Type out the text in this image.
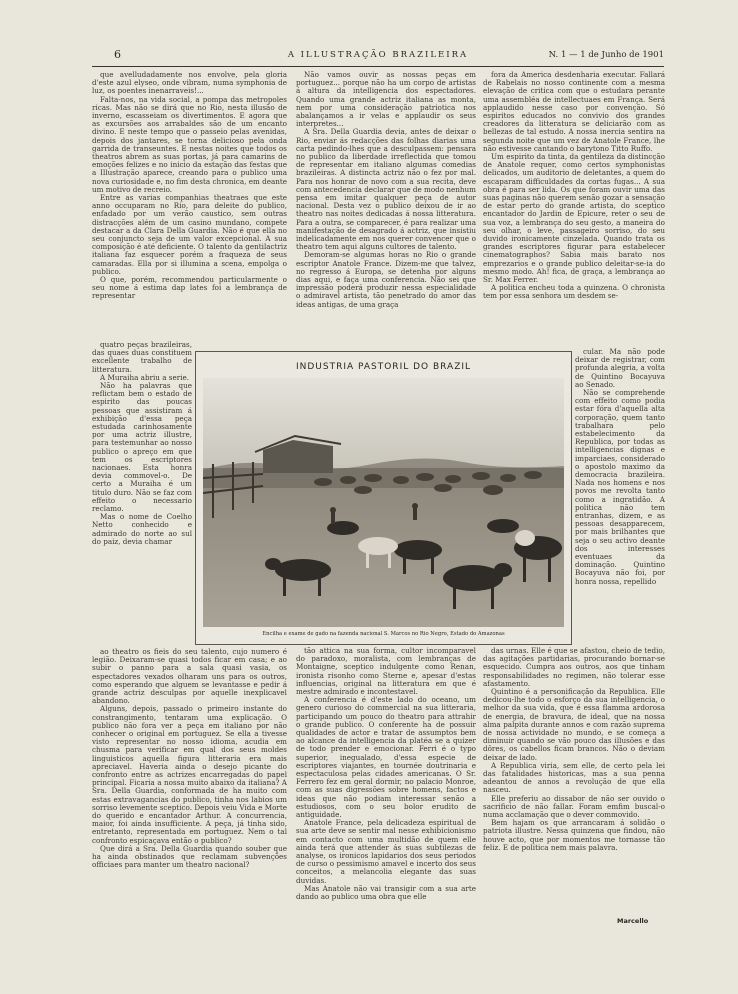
6	A ILLUSTRAÇÃO BRAZILEIRA	N. 1 — 1 de Junho de 1901

que avelludadamente nos envolve, pela gloria d'este azul elyseo, onde vibram, numa symphonia de luz, os poentes inenarraveis!...

Falta-nos, na vida social, a pompa das metropoles ricas. Mas não se dirá que no Rio, nesta illusão de inverno, escasseiam os divertimentos. E agora que as excursões aos arrabaldes são de um encanto divino. E neste tempo que o passeio pelas avenidas, depois dos jantares, se torna delicioso pela onda garrida de transeuntes. E nestas noites que todos os theatros abrem as suas portas, já para camarins de emoções felizes e no inicio da estação das festas que a Illustração aparece, creando para o publico uma nova curiosidade e, no fim desta chronica, em deante um motivo de recreio.

Entre as varias companhias theatraes que este anno occuparam no Rio, para deleite do publico, enfadado por um verão caustico, sem outras distracções além de um casino mundano, compete destacar a da Clara Della Guardia. Não é que ella no seu conjuncto seja de um valor excepcional. A sua composição é até deficiente. O talento da gentilactriz italiana faz esquecer porém a fraqueza de seus camaradas. Ella por si illumina a scena, empolga o publico.

O que, porém, recommendou particularmente o seu nome á estima dap lates foi a lembrança de representar

quatro peças brazileiras, das quaes duas constituem excellente trabalho de litteratura.

A Muraiha abriu a serie.

Não ha palavras que reflictam bem o estado de espirito das poucas pessoas que assistiram á exhibição d'essa peça estudada carinhosamente por uma actriz illustre, para testemunhar ao nosso publico o apreço em que tem os escriptores nacionaes. Esta honra devia commovel-o. De certo a Muraiha é um titulo duro. Não se faz com effeito o necessario reclamo.

Mas o nome de Coelho Netto conhecido e admirado do norte ao sul do paiz, devia chamar

ao theatro os fieis do seu talento, cujo numero é legião. Deixaram-se quasi todos ficar em casa; e ao subir o panno para a sala quasi vasia, os espectadores vexados olharam uns para os outros, como esperando que alguem se levantasse e pedir á grande actriz desculpas por aquelle inexplicavel abandono.

Alguns, depois, passado o primeiro instante do constrangimento, tentaram uma explicação. O publico não fora ver a peça em italiano por não conhecer o original em portuguez. Se ella a tivesse visto representar no nosso idioma, acudia em chusma para verificar em qual dos seus moldes linguisticos aquella figura litteraria era mais apreciavel. Haveria ainda o desejo picante do confronto entre as actrizes encarregadas do papel principal. Ficaria a nossa muito abaixo da italiana? A Sra. Della Guardia, conformada de ha muito com estas extravagancias do publico, tinha nos labios um sorriso levemente sceptico. Depois veiu Vida e Morte do querido e encantador Arthur. A concurrencia, maior, foi ainda insufficiente. A peça, já tinha sido, entretanto, representada em portuguez. Nem o tal confronto espicaçava então o publico?

Que dirá a Sra. Della Guardia quando souber que ha ainda obstinados que reclamam subvenções officiaes para manter um theatro nacional?

Não vamos ouvir as nossas peças em portuguez... porque não ha um corpo de artistas á altura da intelligencia dos espectadores. Quando uma grande actriz italiana as monta, nem por uma consideração patriotica nos abalançamos a ir velas e applaudir os seus interpretes...

A Sra. Della Guardia devia, antes de deixar o Rio, enviar ás redacções das folhas diarias uma carta pedindo-lhes que a desculpassem: pensara no publico da liberdade irreflectida que tomou de representar em italiano algumas comedias brazileiras. A distincta actriz não o fez por mal. Para nos honrar de novo com a sua recita, deve com antecedencia declarar que de modo nenhum pensa em imitar qualquer peça de autor nacional. Desta vez o publico deixou de ir ao theatro nas noites dedicadas á nossa litteratura. Para a outra, se comparecer, é para realizar uma manifestação de desagrado á actriz, que insistiu indelicadamente em nos querer convencer que o theatro tem aqui alguns cultores de talento.

Demoram-se algumas horas no Rio o grande escriptor Anatole France. Dizem-me que talvez, no regresso á Europa, se detenha por alguns dias aqui, e faça uma conferencia. Não sei que impressão poderá produzir nessa especialidade o admiravel artista, tão penetrado do amor das ideas antigas, de uma graça

tão attica na sua forma, cultor incomparavel do paradoxo, moralista, com lembranças de Montaigne, sceptico indulgente como Renan, ironista risonho como Sterne e, apesar d'estas influencias, original na litteratura em que é mestre admirado e incontestavel.

A conferencia é d'este lado do oceano, um genero curioso do commercial na sua litteraria, participando um pouco do theatro para attrahir o grande publico. O conferente ha de possuir qualidades de actor e tratar de assumptos bem ao alcance da intelligencia da platéa se a quizer de todo prender e emocionar. Ferri é o typo superior, inegualado, d'essa especie de escriptores viajantes, en tournée doutrinaria e espectaculosa pelas cidades americanas. O Sr. Ferrero fez em geral dormir, no palacio Monroe, com as suas digressões sobre homens, factos e ideas que não podiam interessar senão a estudiosos, com o seu bolor erudito de antiguidade.

Anatole France, pela delicadeza espiritual de sua arte deve se sentir mal nesse exhibicionismo em contacto com uma multidão de quem elle ainda terá que attender ás suas subtilezas de analyse, os ironicos lapidarios dos seus periodos de curso o pessimismo amavel e incerto dos seus conceitos, a melancolia elegante das suas duvidas.

Mas Anatole não vai transigir com a sua arte dando ao publico uma obra que elle

fora da America desdenharia executar. Fallará de Rabelais no nosso continente com a mesma elevação de critica com que o estudara perante uma assembléa de intellectuaes em França. Será applaudido nesse caso por convenção. Só espiritos educados no convivio dos grandes creadores da litteratura se deliciarão com as bellezas de tal estudo. A nossa inercia sentira na segunda noite que um vez de Anatole France, lhe não estivesse cantando o barytono Titto Ruffo.

Um espirito da tinta, da gentileza da distincção de Anatole requer, como certos symphonistas delicados, um auditorio de deletantes, a quem do escaparam difficuldades da cortas fugas... A sua obra é para ser lida. Os que foram ouvir uma das suas paginas não querem senão gozar a sensação de estar perto do grande artista, do sceptico encantador do Jardin de Epicure, reter o seu de sua voz, a lembrança do seu gesto, a maneira do seu olhar, o leve, passageiro sorriso, do seu duvido ironicamente cinzelada. Quando trata os grandes escriptores figurar para estabelecer cinematographos? Sabia mais barato nos emprezarios e o grande publico deleitar-se-ia do mesmo modo. Ah! fica, de graça, a lembrança ao Sr. Max Ferrer.

A politica encheu toda a quinzena. O chronista tem por essa senhora um desdem se-

cular. Ma não pode deixar de registrar, com profunda alegria, a volta de Quintino Bocayuva ao Senado.

Não se comprehende com effeito como podia estar fóra d'aquella alta corporação, quem tanto trabalhara pelo estabelecimento da Republica, por todas as intelligencias dignas e imparciaes, considerado o apostolo maximo da democracia brazileira. Nada nos homens e nos povos me revolta tanto como a ingratidão. A politica não tem entranhas, dizem, e as pessoas desapparecem, por mais brilhantes que seja o seu activo deante dos interesses eventuaes da dominação. Quintino Bocayuva não foi, por honra nossa, repellido

das urnas. Elle é que se afastou, cheio de tedio, das agitações partidarias, procurando bornar-se esquecido. Cumpra aos outros, aos que tinham responsabilidades no regimen, não tolerar esse afastamento.

Quintino é a personificação da Republica. Elle dedicou-lhe todo o esforço da sua intelligencia, o melhor da sua vida, que é essa flamma ardorosa de energia, de bravura, de ideal, que na nossa alma palpita durante annos e com razão suprema de nossa actividade no mundo, e se começa a diminuir quando se vão pouco das illusões e das dôres, os cabellos ficam brancos. Não o deviam deixar de lado.

A Republica viria, sem elle, de certo pela lei das fatalidades historicas, mas a sua penna adeantou de annos a revolução de que ella nasceu.

Elle preferiu ao dissabor de não ser ouvido o sacrificio de não fallar. Foram emfim buscal-o numa acclamação que o dever commovido.

Bem hajam os que arrancaram á solidão o patriota illustre. Nessa quinzena que findou, não houve acto, que por momentos me tornasse tão feliz. E de politica nem mais palavra.

INDUSTRIA PASTORIL DO BRAZIL
Encilha e exame de gado na fazenda nacional S. Marcos no Rio Negro, Estado do Amazonas
Marcello
